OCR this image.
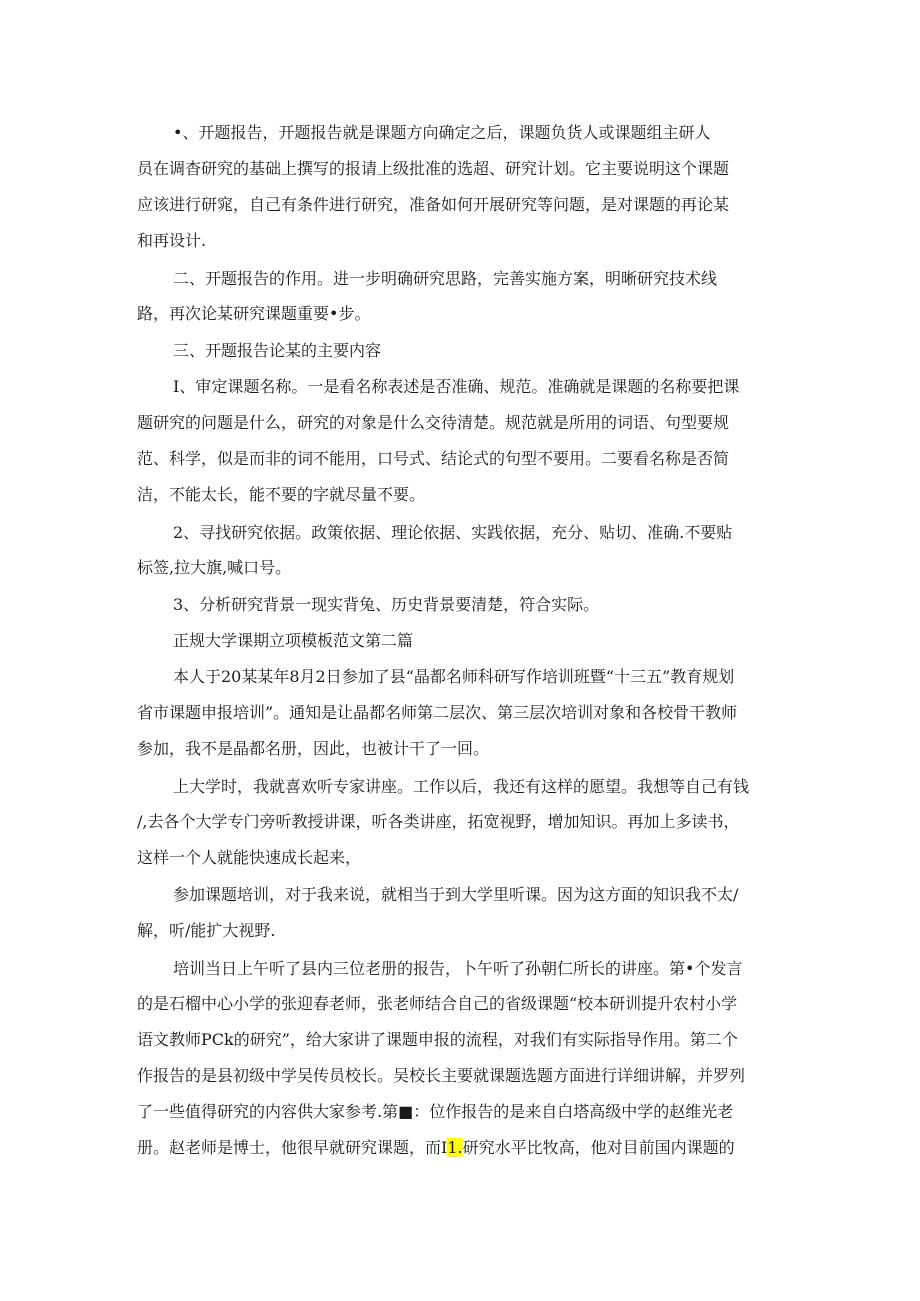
•、开题报告，开题报告就是课题方向确定之后，课题负货人或课题组主研人
员在调杳研究的基础上撰写的报请上级批准的选超、研究计划。它主要说明这个课题
应该进行研窕，自己有条件进行研究，准备如何开展研究等问题，是对课题的再论某
和再设计.
二、开题报告的作用。进一步明确研究思路，完善实施方案，明晰研究技术线
路，再次论某研究课题重要•步。
三、开题报告论某的主要内容
I、审定课题名称。一是看名称表述是否准确、规范。准确就是课题的名称要把课
题研究的问题是什么，研究的对象是什么交待清楚。规范就是所用的词语、句型要规
范、科学，似是而非的词不能用，口号式、结论式的句型不要用。二要看名称是否简
洁，不能太长，能不要的字就尽量不要。
2、寻找研究依据。政策依据、理论依据、实践依据，充分、贴切、准确.不要贴
标签,拉大旗,喊口号。
3、分析研究背景一现实背兔、历史背景要清楚，符合实际。
正规大学课期立项模板范文第二篇
本人于20某某年8月2日参加了县“晶都名师科研写作培训班暨“十三五”教育规划
省市课题申报培训”。通知是让晶都名师第二层次、第三层次培训对象和各校骨干教师
参加，我不是晶都名册，因此，也被计干了一回。
上大学时，我就喜欢听专家讲座。工作以后，我还有这样的愿望。我想等自己有钱
/,去各个大学专门旁听教授讲课，听各类讲座，拓宽视野，增加知识。再加上多读书，
这样一个人就能快速成长起来，
参加课题培训，对于我来说，就相当于到大学里听课。因为这方面的知识我不太/
解，听/能扩大视野.
培训当日上午听了县内三位老册的报告，卜午听了孙朝仁所长的讲座。第•个发言
的是石榴中心小学的张迎春老师，张老师结合自己的省级课题“校本研训提升农村小学
语文教师PCk的研究”，给大家讲了课题申报的流程，对我们有实际指导作用。第二个
作报告的是县初级中学吴传员校长。吴校长主要就课题选题方面进行详细讲解，并罗列
了一些值得研究的内容供大家参考.第■：位作报告的是来自白塔高级中学的赵维光老
册。赵老师是博士，他很早就研究课题，而I1.研究水平比牧高，他对目前国内课题的
